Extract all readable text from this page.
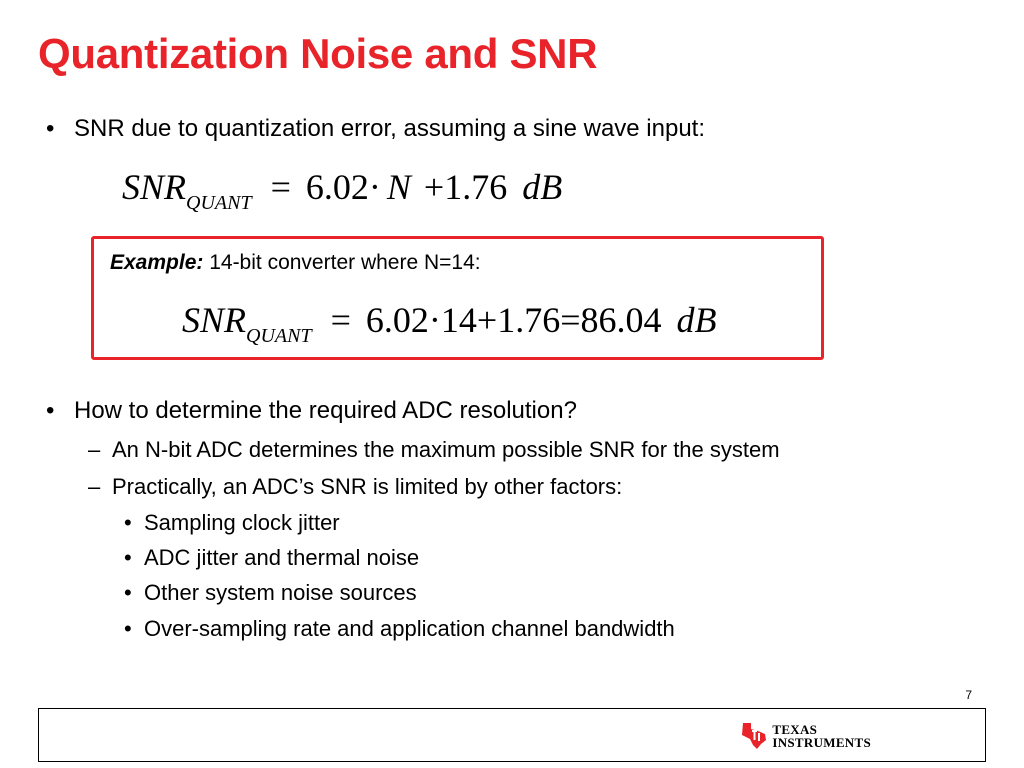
Quantization Noise and SNR
• SNR due to quantization error, assuming a sine wave input:
$SNR_{QUANT} = 6.02\cdot N +1.76$ dB
Example: 14-bit converter where N=14:
$SNR_{QUANT} = 6.02\cdot 14+1.76=86.04$ dB
• How to determine the required ADC resolution?
– An N-bit ADC determines the maximum possible SNR for the system
– Practically, an ADC’s SNR is limited by other factors:
• Sampling clock jitter
• ADC jitter and thermal noise
• Other system noise sources
• Over-sampling rate and application channel bandwidth
7
TEXAS
INSTRUMENTS
